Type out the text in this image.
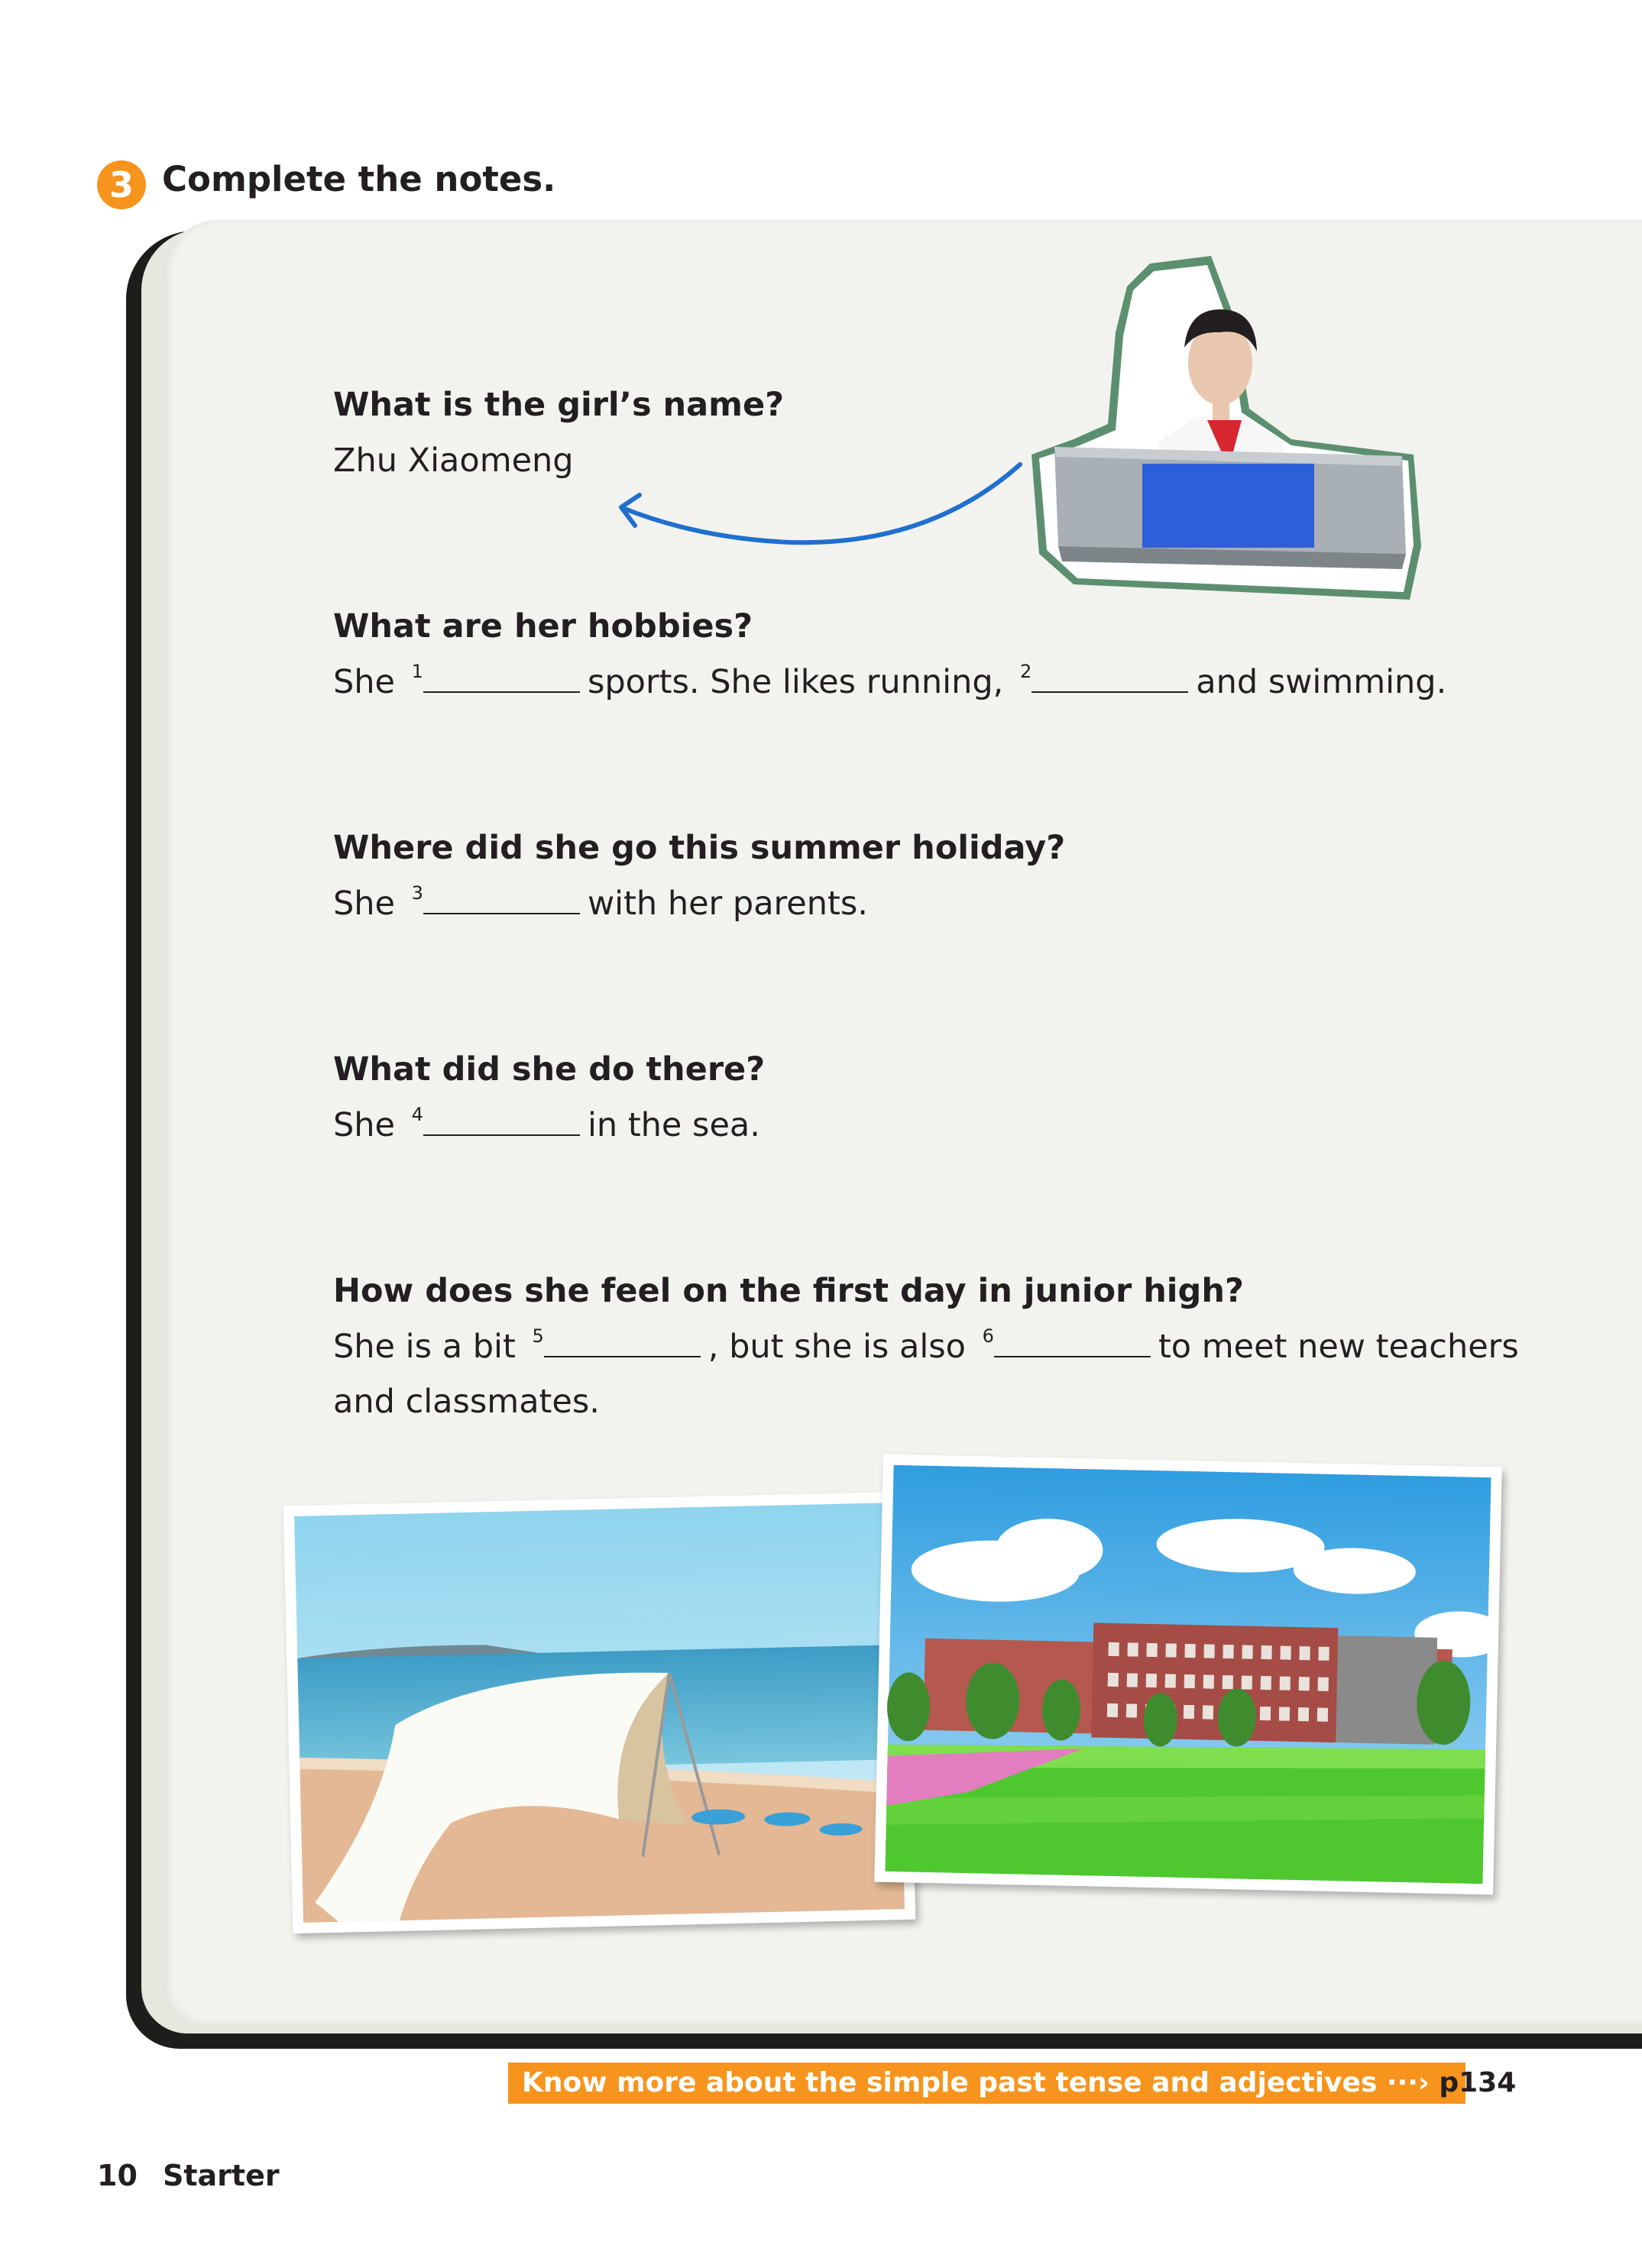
3 Complete the notes.
What is the girl’s name?
Zhu Xiaomeng
What are her hobbies?
She $^1$	sports. She likes running, $^2$	and swimming.
Where did she go this summer holiday?
She $^3$	with her parents.
What did she do there?
She $^4$	in the sea.
How does she feel on the first day in junior high?
She is a bit $^5$	, but she is also $^6$	to meet new teachers
and classmates.
Know more about the simple past tense and adjectives ···› p134
10 Starter
